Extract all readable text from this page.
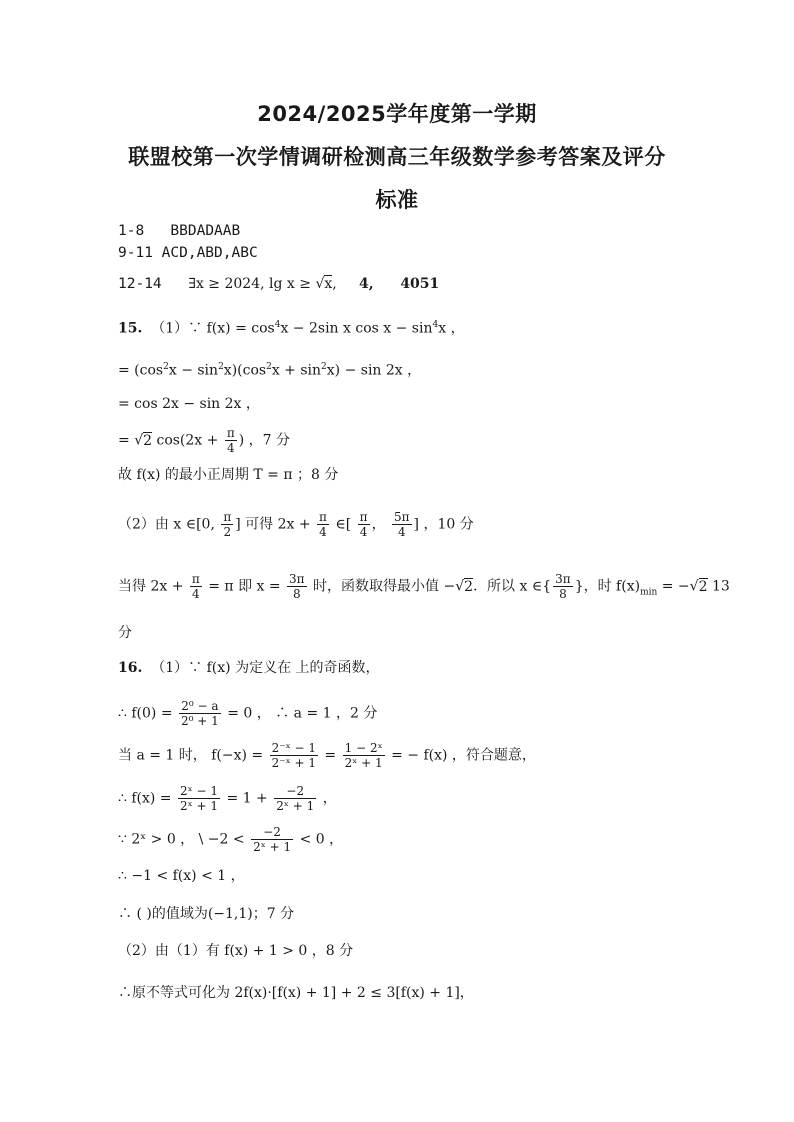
2024/2025学年度第一学期
联盟校第一次学情调研检测高三年级数学参考答案及评分
标准
1-8 BBDADAAB
9-11 ACD,ABD,ABC
12-14 ∃x ≥ 2024, lg x ≥ √x, 4, 4051
15. （1）∵ $f(x) = \cos^4x - 2\sin$ x $\cos x - \sin^4x$ ，
= $(\cos^2x - \sin^2x)(\cos^2x + \sin^2x) - \sin 2x$ ，
= cos 2x − sin 2x ，
= √2 $\cos(2x + \frac{\pi}{4}$ ) ，7 分
故 f(x) 的最小正周期 T = π ；8 分
（2）由 x ∈[0, $\frac{\pi}{2}$ ] 可得 $2x + \frac{\pi}{4}$ ∈[ $\frac{\pi}{4}$ ， $\frac{5\pi}{4}$ ] ，10 分
当得 $2x + \frac{\pi}{4} = \pi$ 即 $x = \frac{3\pi}{8}$ 时，函数取得最小值 −√2．所以 x ∈{ $\frac{3\pi}{8}$ }，时 $f(x)_{min} = -√2$ 13
分
16. （1）∵ f(x) 为定义在 上的奇函数，
∴ $f(0) = \frac{\text{2⁰ − a}}{\text{2⁰ + 1}} = 0$ ， ∴ a = 1 ，2 分
当 a = 1 时， $f(-x) = \frac{\text{2⁻ˣ − 1}}{\text{2⁻ˣ + 1}} = \frac{\text{1 − 2ˣ}}{\text{2ˣ + 1}}$ = − f(x) ，符合题意，
∴ $f(x) = \frac{\text{2ˣ − 1}}{\text{2ˣ + 1}} = 1 + \frac{-2}{\text{2ˣ + 1}}$ ，
∵ 2ˣ > 0 ， \ $-2 < \frac{-2}{\text{2ˣ + 1}} < 0$ ，
∴ −1 < f(x) < 1 ，
∴ ( )的值域为(−1,1)；7 分
（2）由（1）有 f(x) + 1 > 0 ，8 分
∴原不等式可化为 2f(x)·[f(x) + 1] + 2 ≤ 3[f(x) + 1]，
